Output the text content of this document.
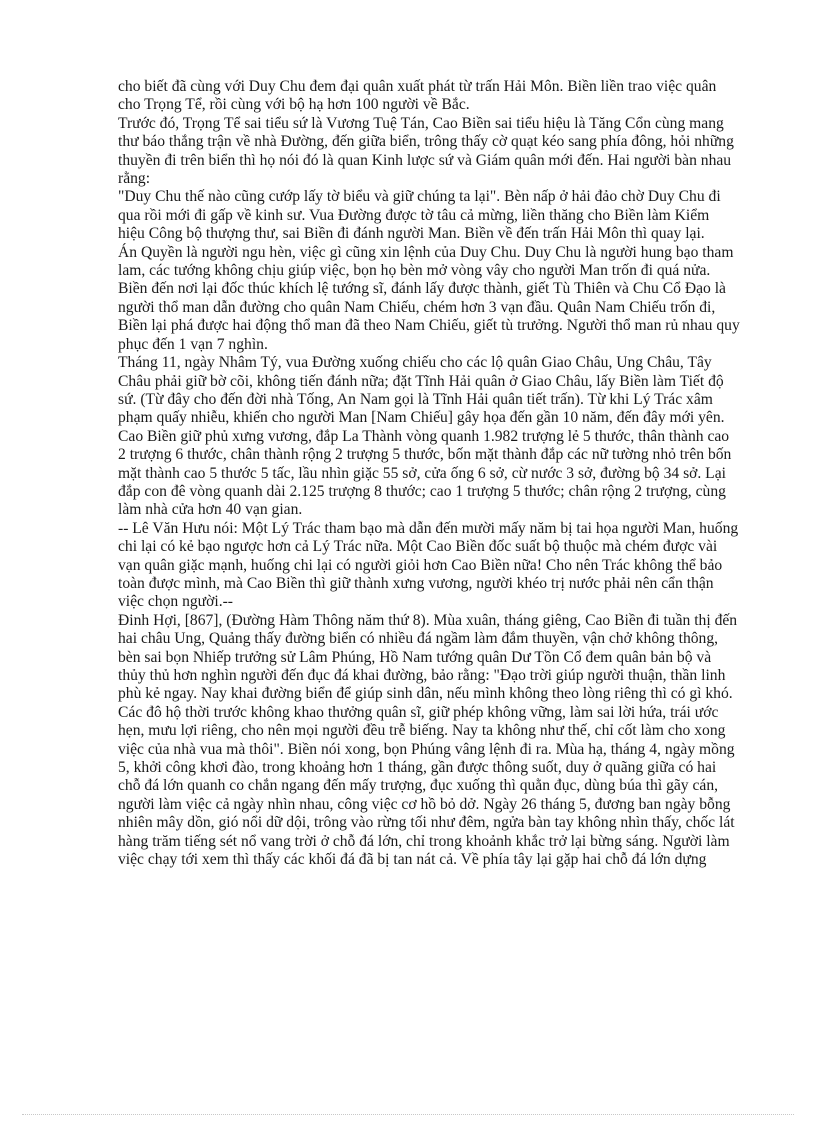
cho biết đã cùng với Duy Chu đem đại quân xuất phát từ trấn Hải Môn. Biền liền trao việc quân cho Trọng Tể, rồi cùng với bộ hạ hơn 100 người về Bắc.

Trước đó, Trọng Tể sai tiểu sứ là Vương Tuệ Tán, Cao Biền sai tiểu hiệu là Tăng Cổn cùng mang thư báo thắng trận về nhà Đường, đến giữa biển, trông thấy cờ quạt kéo sang phía đông, hỏi những thuyền đi trên biển thì họ nói đó là quan Kinh lược sứ và Giám quân mới đến. Hai người bàn nhau rằng:

"Duy Chu thế nào cũng cướp lấy tờ biểu và giữ chúng ta lại". Bèn nấp ở hải đảo chờ Duy Chu đi qua rồi mới đi gấp về kinh sư. Vua Đường được tờ tâu cả mừng, liền thăng cho Biền làm Kiểm hiệu Công bộ thượng thư, sai Biền đi đánh người Man. Biền về đến trấn Hải Môn thì quay lại.

Án Quyền là người ngu hèn, việc gì cũng xin lệnh của Duy Chu. Duy Chu là người hung bạo tham lam, các tướng không chịu giúp việc, bọn họ bèn mở vòng vây cho người Man trốn đi quá nửa. Biền đến nơi lại đốc thúc khích lệ tướng sĩ, đánh lấy được thành, giết Tù Thiên và Chu Cổ Đạo là người thổ man dẫn đường cho quân Nam Chiếu, chém hơn 3 vạn đầu. Quân Nam Chiếu trốn đi, Biền lại phá được hai động thổ man đã theo Nam Chiếu, giết tù trưởng. Người thổ man rủ nhau quy phục đến 1 vạn 7 nghìn.

Tháng 11, ngày Nhâm Tý, vua Đường xuống chiếu cho các lộ quân Giao Châu, Ung Châu, Tây Châu phải giữ bờ cõi, không tiến đánh nữa; đặt Tĩnh Hải quân ở Giao Châu, lấy Biền làm Tiết độ sứ. (Từ đây cho đến đời nhà Tống, An Nam gọi là Tĩnh Hải quân tiết trấn). Từ khi Lý Trác xâm phạm quấy nhiễu, khiến cho người Man [Nam Chiếu] gây họa đến gần 10 năm, đến đây mới yên. Cao Biền giữ phủ xưng vương, đắp La Thành vòng quanh 1.982 trượng lẻ 5 thước, thân thành cao 2 trượng 6 thước, chân thành rộng 2 trượng 5 thước, bốn mặt thành đắp các nữ tường nhỏ trên bốn mặt thành cao 5 thước 5 tấc, lầu nhìn giặc 55 sở, cửa ống 6 sở, cừ nước 3 sở, đường bộ 34 sở. Lại đắp con đê vòng quanh dài 2.125 trượng 8 thước; cao 1 trượng 5 thước; chân rộng 2 trượng, cùng làm nhà cửa hơn 40 vạn gian.

-- Lê Văn Hưu nói: Một Lý Trác tham bạo mà dẫn đến mười mấy năm bị tai họa người Man, huống chi lại có kẻ bạo ngược hơn cả Lý Trác nữa. Một Cao Biền đốc suất bộ thuộc mà chém được vài vạn quân giặc mạnh, huống chi lại có người giỏi hơn Cao Biền nữa! Cho nên Trác không thể bảo toàn được mình, mà Cao Biền thì giữ thành xưng vương, người khéo trị nước phải nên cẩn thận việc chọn người.--

Đinh Hợi, [867], (Đường Hàm Thông năm thứ 8). Mùa xuân, tháng giêng, Cao Biền đi tuần thị đến hai châu Ung, Quảng thấy đường biển có nhiều đá ngầm làm đắm thuyền, vận chở không thông, bèn sai bọn Nhiếp trưởng sử Lâm Phúng, Hồ Nam tướng quân Dư Tồn Cổ đem quân bản bộ và thủy thủ hơn nghìn người đến đục đá khai đường, bảo rằng: "Đạo trời giúp người thuận, thần linh phù kẻ ngay. Nay khai đường biển để giúp sinh dân, nếu mình không theo lòng riêng thì có gì khó. Các đô hộ thời trước không khao thưởng quân sĩ, giữ phép không vững, làm sai lời hứa, trái ước hẹn, mưu lợi riêng, cho nên mọi người đều trễ biếng. Nay ta không như thế, chỉ cốt làm cho xong việc của nhà vua mà thôi". Biền nói xong, bọn Phúng vâng lệnh đi ra. Mùa hạ, tháng 4, ngày mồng 5, khởi công khơi đào, trong khoảng hơn 1 tháng, gần được thông suốt, duy ở quãng giữa có hai chỗ đá lớn quanh co chắn ngang đến mấy trượng, đục xuống thì quằn đục, dùng búa thì gãy cán, người làm việc cả ngày nhìn nhau, công việc cơ hồ bỏ dở. Ngày 26 tháng 5, đương ban ngày bỗng nhiên mây dồn, gió nổi dữ dội, trông vào rừng tối như đêm, ngửa bàn tay không nhìn thấy, chốc lát hàng trăm tiếng sét nổ vang trời ở chỗ đá lớn, chỉ trong khoảnh khắc trở lại bừng sáng. Người làm việc chạy tới xem thì thấy các khối đá đã bị tan nát cả. Về phía tây lại gặp hai chỗ đá lớn dựng
